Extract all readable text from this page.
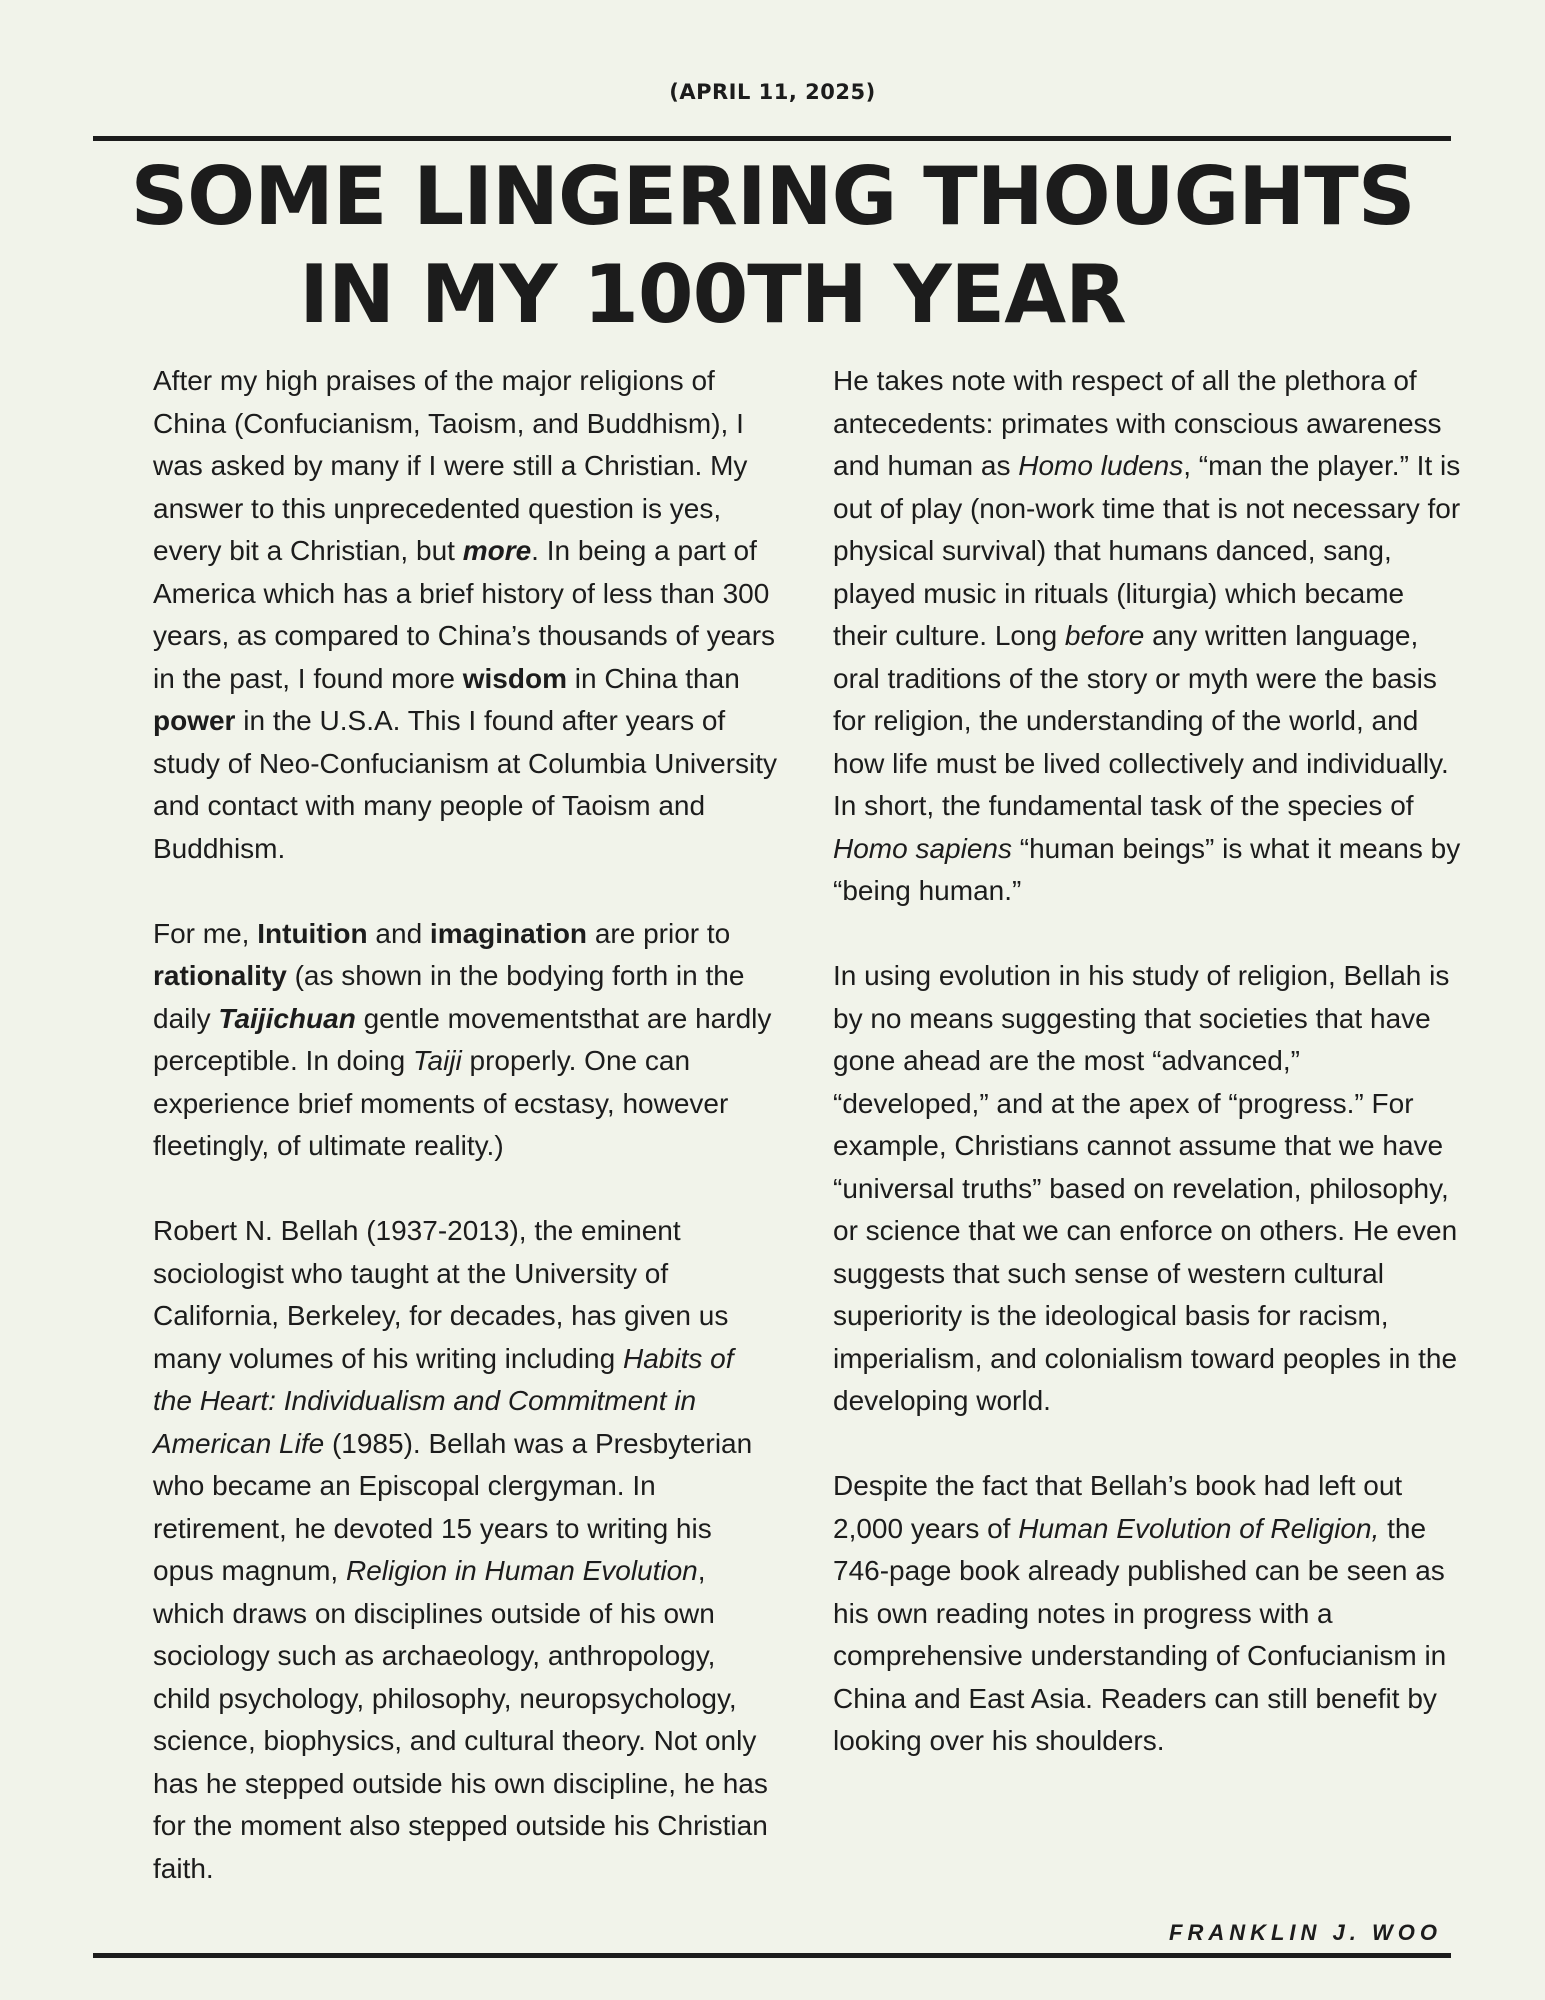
(APRIL 11, 2025)
SOME LINGERING THOUGHTS
IN MY 100TH YEAR

After my high praises of the major religions of China (Confucianism, Taoism, and Buddhism), I was asked by many if I were still a Christian. My answer to this unprecedented question is yes, every bit a Christian, but more. In being a part of America which has a brief history of less than 300 years, as compared to China’s thousands of years in the past, I found more wisdom in China than power in the U.S.A. This I found after years of study of Neo-Confucianism at Columbia University and contact with many people of Taoism and Buddhism.

For me, Intuition and imagination are prior to rationality (as shown in the bodying forth in the daily Taijichuan gentle movementsthat are hardly perceptible. In doing Taiji properly. One can experience brief moments of ecstasy, however fleetingly, of ultimate reality.)

Robert N. Bellah (1937-2013), the eminent sociologist who taught at the University of California, Berkeley, for decades, has given us many volumes of his writing including Habits of the Heart: Individualism and Commitment in American Life (1985). Bellah was a Presbyterian who became an Episcopal clergyman. In retirement, he devoted 15 years to writing his opus magnum, Religion in Human Evolution, which draws on disciplines outside of his own sociology such as archaeology, anthropology, child psychology, philosophy, neuropsychology, science, biophysics, and cultural theory. Not only has he stepped outside his own discipline, he has for the moment also stepped outside his Christian faith.

He takes note with respect of all the plethora of antecedents: primates with conscious awareness and human as Homo ludens, “man the player.” It is out of play (non-work time that is not necessary for physical survival) that humans danced, sang, played music in rituals (liturgia) which became their culture. Long before any written language, oral traditions of the story or myth were the basis for religion, the understanding of the world, and how life must be lived collectively and individually. In short, the fundamental task of the species of Homo sapiens “human beings” is what it means by “being human.”

In using evolution in his study of religion, Bellah is by no means suggesting that societies that have gone ahead are the most “advanced,” “developed,” and at the apex of “progress.” For example, Christians cannot assume that we have “universal truths” based on revelation, philosophy, or science that we can enforce on others. He even suggests that such sense of western cultural superiority is the ideological basis for racism, imperialism, and colonialism toward peoples in the developing world.

Despite the fact that Bellah’s book had left out 2,000 years of Human Evolution of Religion, the 746-page book already published can be seen as his own reading notes in progress with a comprehensive understanding of Confucianism in China and East Asia. Readers can still benefit by looking over his shoulders.

FRANKLIN J. WOO
